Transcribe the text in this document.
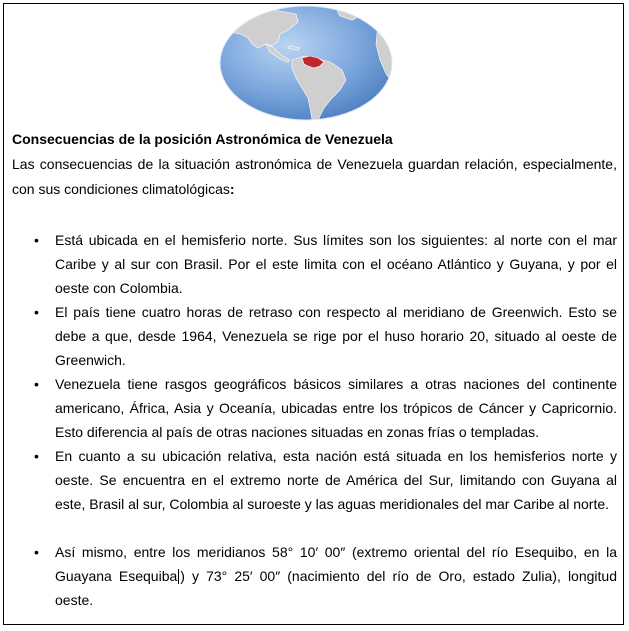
Consecuencias de la posición Astronómica de Venezuela
Las consecuencias de la situación astronómica de Venezuela guardan relación, especialmente, con sus condiciones climatológicas:
• Está ubicada en el hemisferio norte. Sus límites son los siguientes: al norte con el mar Caribe y al sur con Brasil. Por el este limita con el océano Atlántico y Guyana, y por el oeste con Colombia.
• El país tiene cuatro horas de retraso con respecto al meridiano de Greenwich. Esto se debe a que, desde 1964, Venezuela se rige por el huso horario 20, situado al oeste de Greenwich.
• Venezuela tiene rasgos geográficos básicos similares a otras naciones del continente americano, África, Asia y Oceanía, ubicadas entre los trópicos de Cáncer y Capricornio. Esto diferencia al país de otras naciones situadas en zonas frías o templadas.
• En cuanto a su ubicación relativa, esta nación está situada en los hemisferios norte y oeste. Se encuentra en el extremo norte de América del Sur, limitando con Guyana al este, Brasil al sur, Colombia al suroeste y las aguas meridionales del mar Caribe al norte.
• Así mismo, entre los meridianos 58° 10′ 00″ (extremo oriental del río Esequibo, en la Guayana Esequiba ) y 73° 25′ 00″ (nacimiento del río de Oro, estado Zulia), longitud oeste.
